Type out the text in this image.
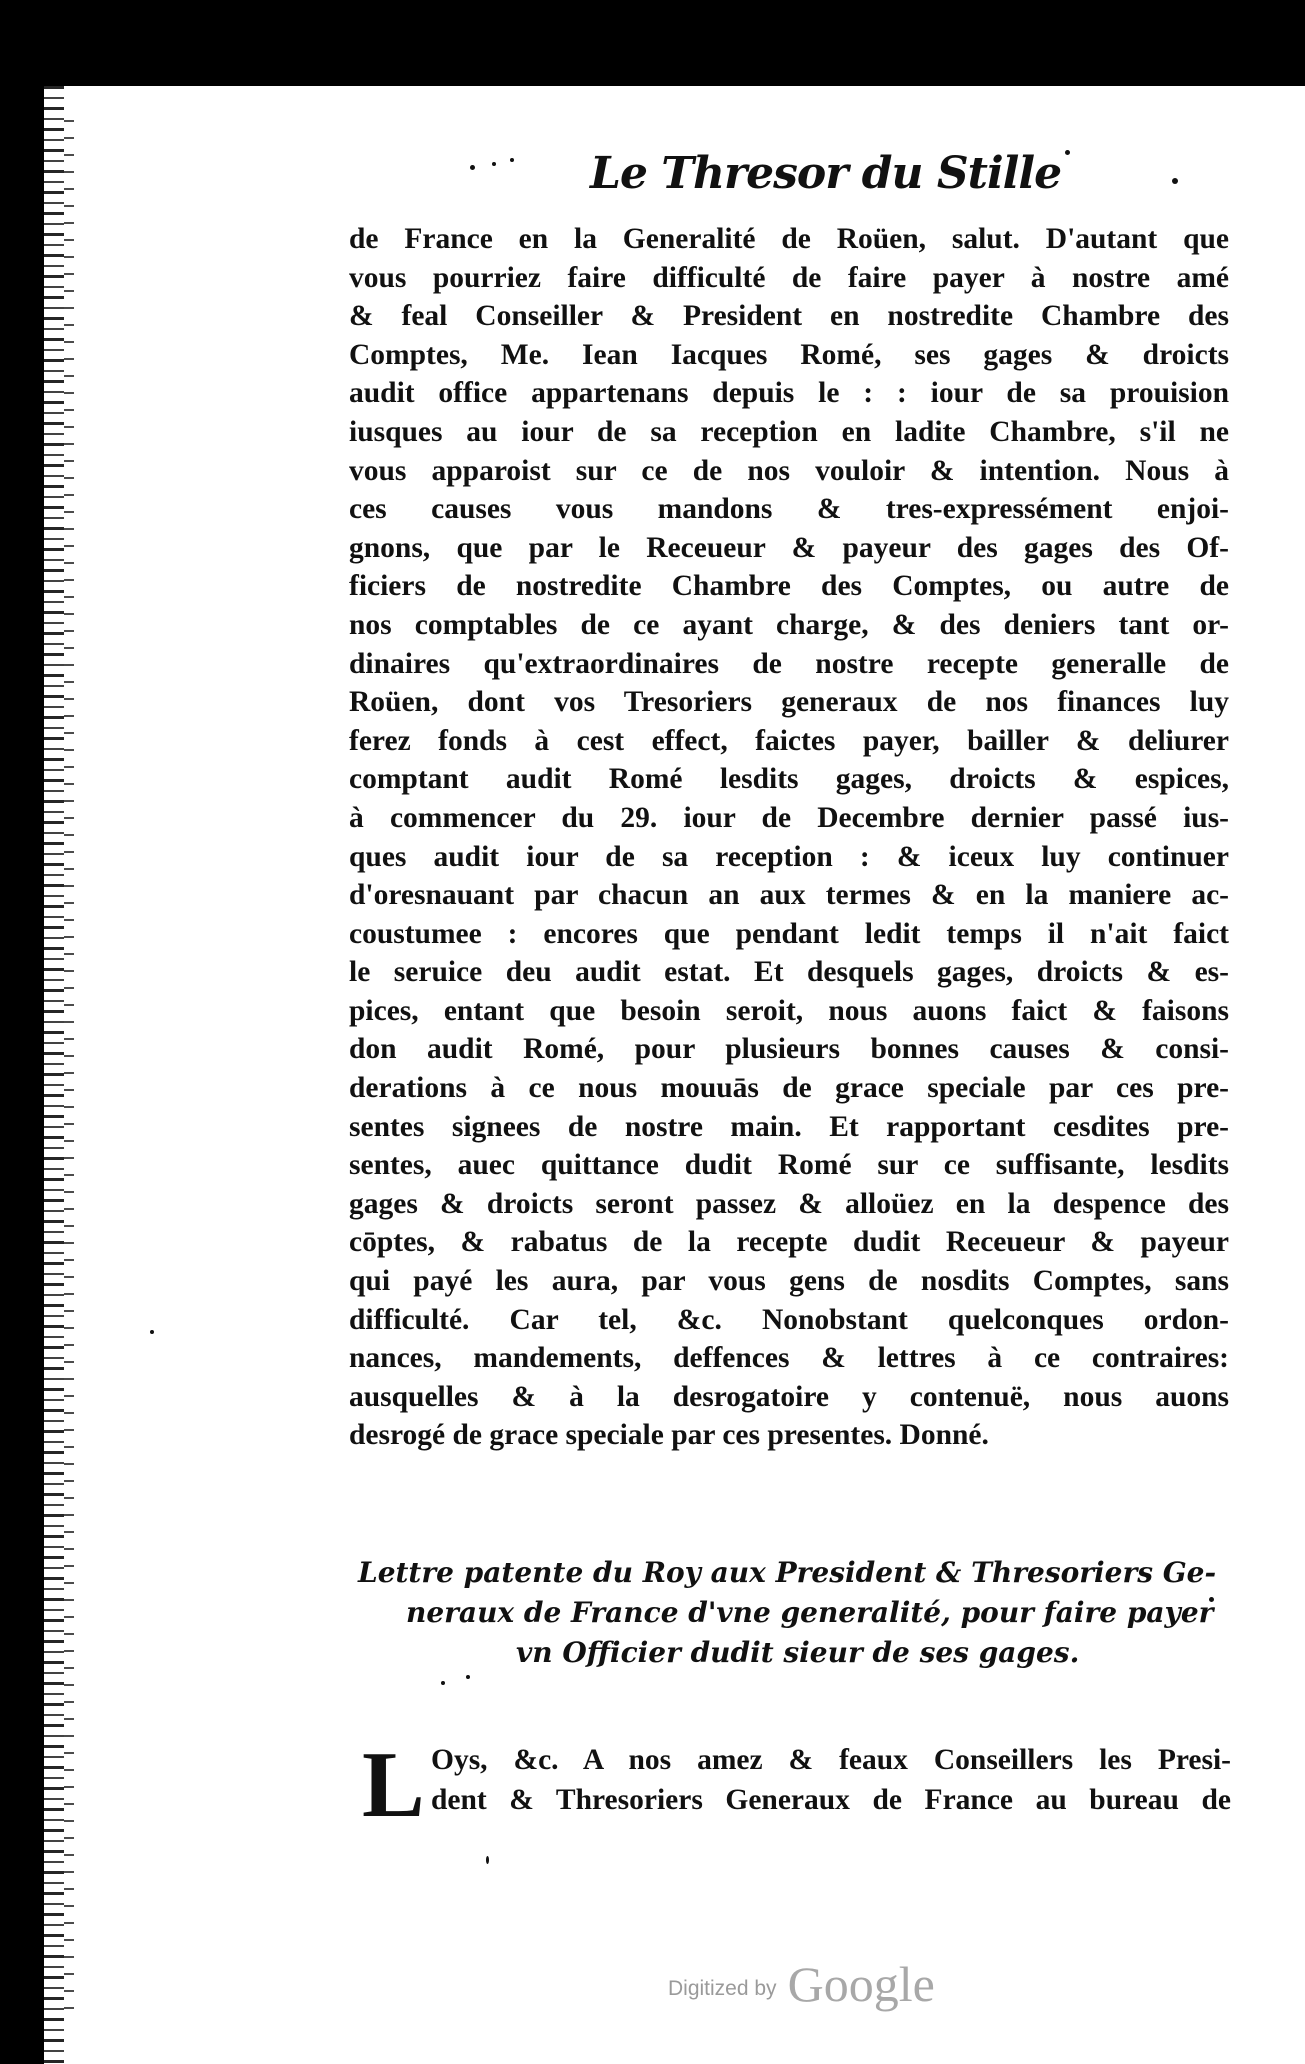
Le Thresor du Stille
de France en la Generalité de Roüen, salut. D'autant que
vous pourriez faire difficulté de faire payer à nostre amé
& feal Conseiller & President en nostredite Chambre des
Comptes, Me. Iean Iacques Romé, ses gages & droicts
audit office appartenans depuis le : : iour de sa prouision
iusques au iour de sa reception en ladite Chambre, s'il ne
vous apparoist sur ce de nos vouloir & intention. Nous à
ces causes vous mandons & tres-expressément enjoi-
gnons, que par le Receueur & payeur des gages des Of-
ficiers de nostredite Chambre des Comptes, ou autre de
nos comptables de ce ayant charge, & des deniers tant or-
dinaires qu'extraordinaires de nostre recepte generalle de
Roüen, dont vos Tresoriers generaux de nos finances luy
ferez fonds à cest effect, faictes payer, bailler & deliurer
comptant audit Romé lesdits gages, droicts & espices,
à commencer du 29. iour de Decembre dernier passé ius-
ques audit iour de sa reception : & iceux luy continuer
d'oresnauant par chacun an aux termes & en la maniere ac-
coustumee : encores que pendant ledit temps il n'ait faict
le seruice deu audit estat. Et desquels gages, droicts & es-
pices, entant que besoin seroit, nous auons faict & faisons
don audit Romé, pour plusieurs bonnes causes & consi-
derations à ce nous mouuās de grace speciale par ces pre-
sentes signees de nostre main. Et rapportant cesdites pre-
sentes, auec quittance dudit Romé sur ce suffisante, lesdits
gages & droicts seront passez & alloüez en la despence des
cōptes, & rabatus de la recepte dudit Receueur & payeur
qui payé les aura, par vous gens de nosdits Comptes, sans
difficulté. Car tel, &c. Nonobstant quelconques ordon-
nances, mandements, deffences & lettres à ce contraires:
ausquelles & à la desrogatoire y contenuë, nous auons
desrogé de grace speciale par ces presentes. Donné.
Lettre patente du Roy aux President & Thresoriers Ge-
neraux de France d'vne generalité, pour faire payer
vn Officier dudit sieur de ses gages.
L Oys, &c. A nos amez & feaux Conseillers les Presi-
dent & Thresoriers Generaux de France au bureau de
Digitized by Google
